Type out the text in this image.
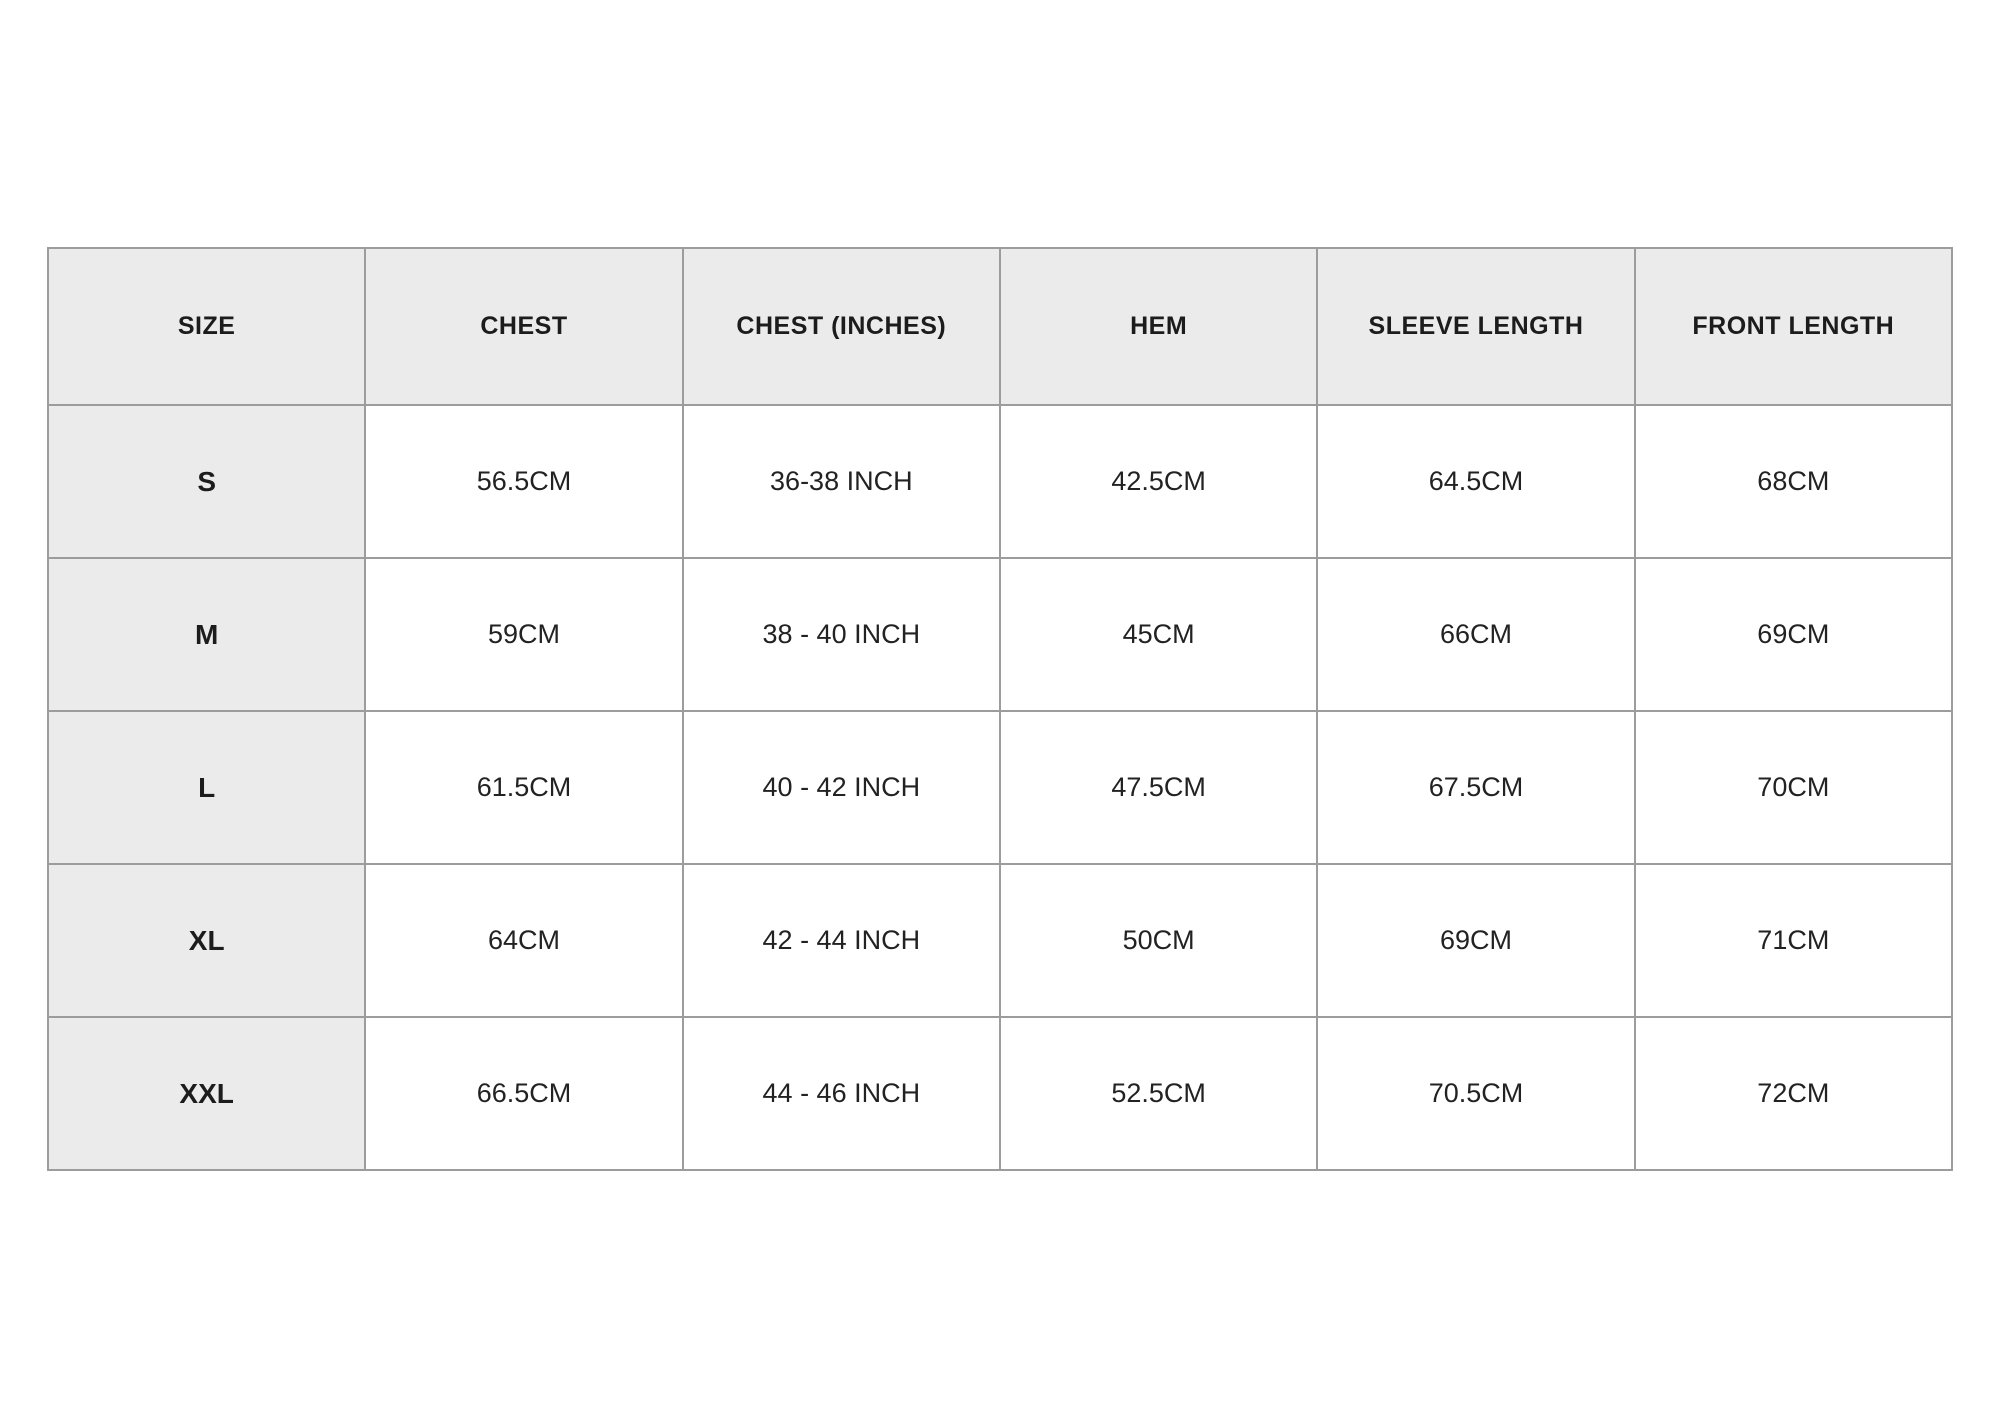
SIZE	CHEST	CHEST (INCHES)	HEM	SLEEVE LENGTH	FRONT LENGTH
S	56.5CM	36-38 INCH	42.5CM	64.5CM	68CM
M	59CM	38 - 40 INCH	45CM	66CM	69CM
L	61.5CM	40 - 42 INCH	47.5CM	67.5CM	70CM
XL	64CM	42 - 44 INCH	50CM	69CM	71CM
XXL	66.5CM	44 - 46 INCH	52.5CM	70.5CM	72CM
